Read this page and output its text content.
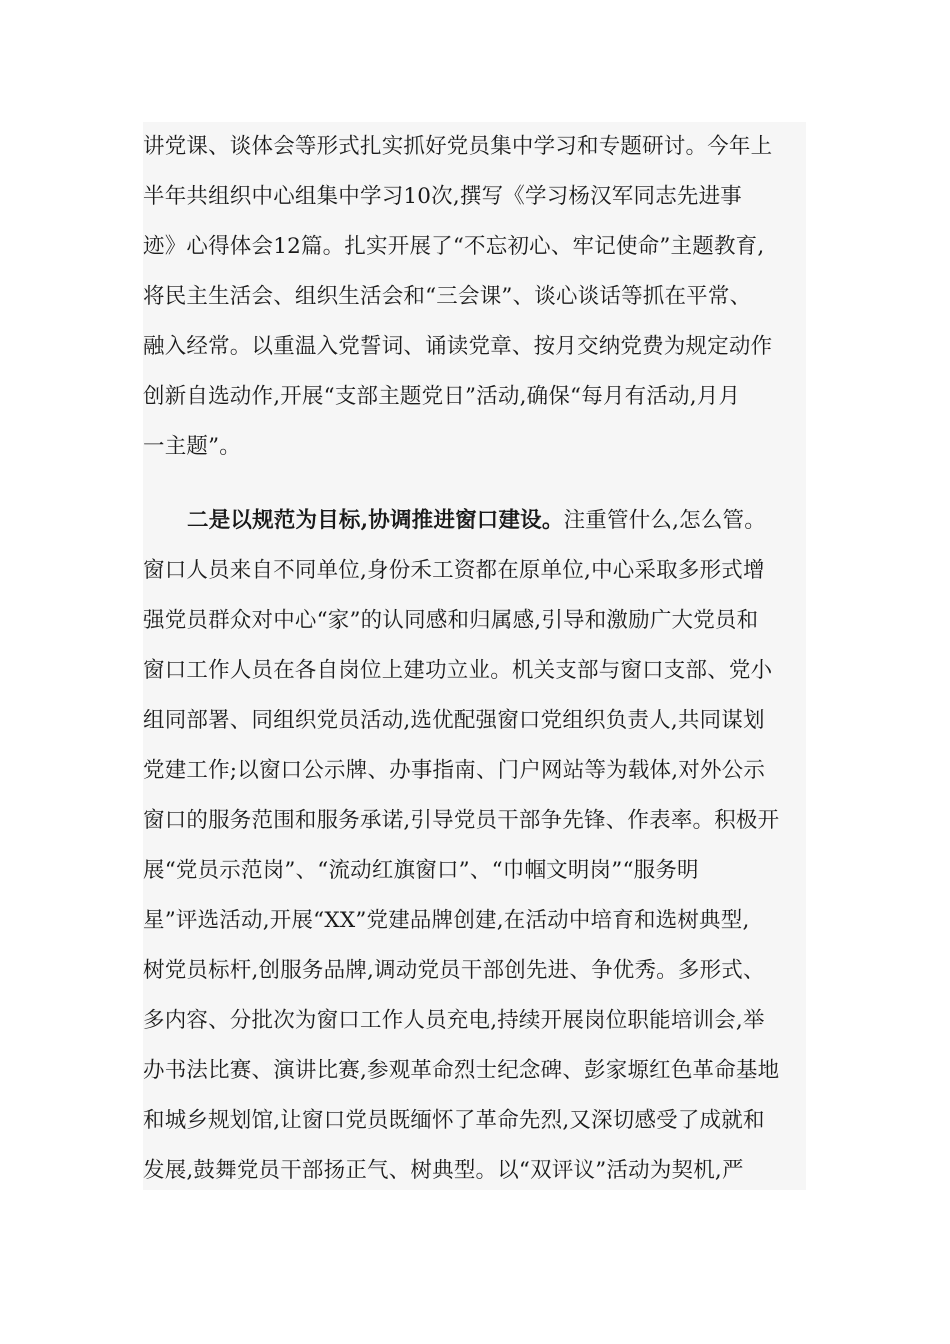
讲党课、谈体会等形式扎实抓好党员集中学习和专题研讨。今年上
半年共组织中心组集中学习10次,撰写《学习杨汉军同志先进事
迹》心得体会12篇。扎实开展了“不忘初心、牢记使命”主题教育,
将民主生活会、组织生活会和“三会课”、谈心谈话等抓在平常、
融入经常。以重温入党誓词、诵读党章、按月交纳党费为规定动作
创新自选动作,开展“支部主题党日”活动,确保“每月有活动,月月
一主题”。
二是以规范为目标,协调推进窗口建设。注重管什么,怎么管。
窗口人员来自不同单位,身份禾工资都在原单位,中心采取多形式增
强党员群众对中心“家”的认同感和归属感,引导和激励广大党员和
窗口工作人员在各自岗位上建功立业。机关支部与窗口支部、党小
组同部署、同组织党员活动,选优配强窗口党组织负责人,共同谋划
党建工作;以窗口公示牌、办事指南、门户网站等为载体,对外公示
窗口的服务范围和服务承诺,引导党员干部争先锋、作表率。积极开
展“党员示范岗”、“流动红旗窗口”、“巾帼文明岗”“服务明
星”评选活动,开展“XX”党建品牌创建,在活动中培育和选树典型,
树党员标杆,创服务品牌,调动党员干部创先进、争优秀。多形式、
多内容、分批次为窗口工作人员充电,持续开展岗位职能培训会,举
办书法比赛、演讲比赛,参观革命烈士纪念碑、彭家塬红色革命基地
和城乡规划馆,让窗口党员既缅怀了革命先烈,又深切感受了成就和
发展,鼓舞党员干部扬正气、树典型。以“双评议”活动为契机,严
